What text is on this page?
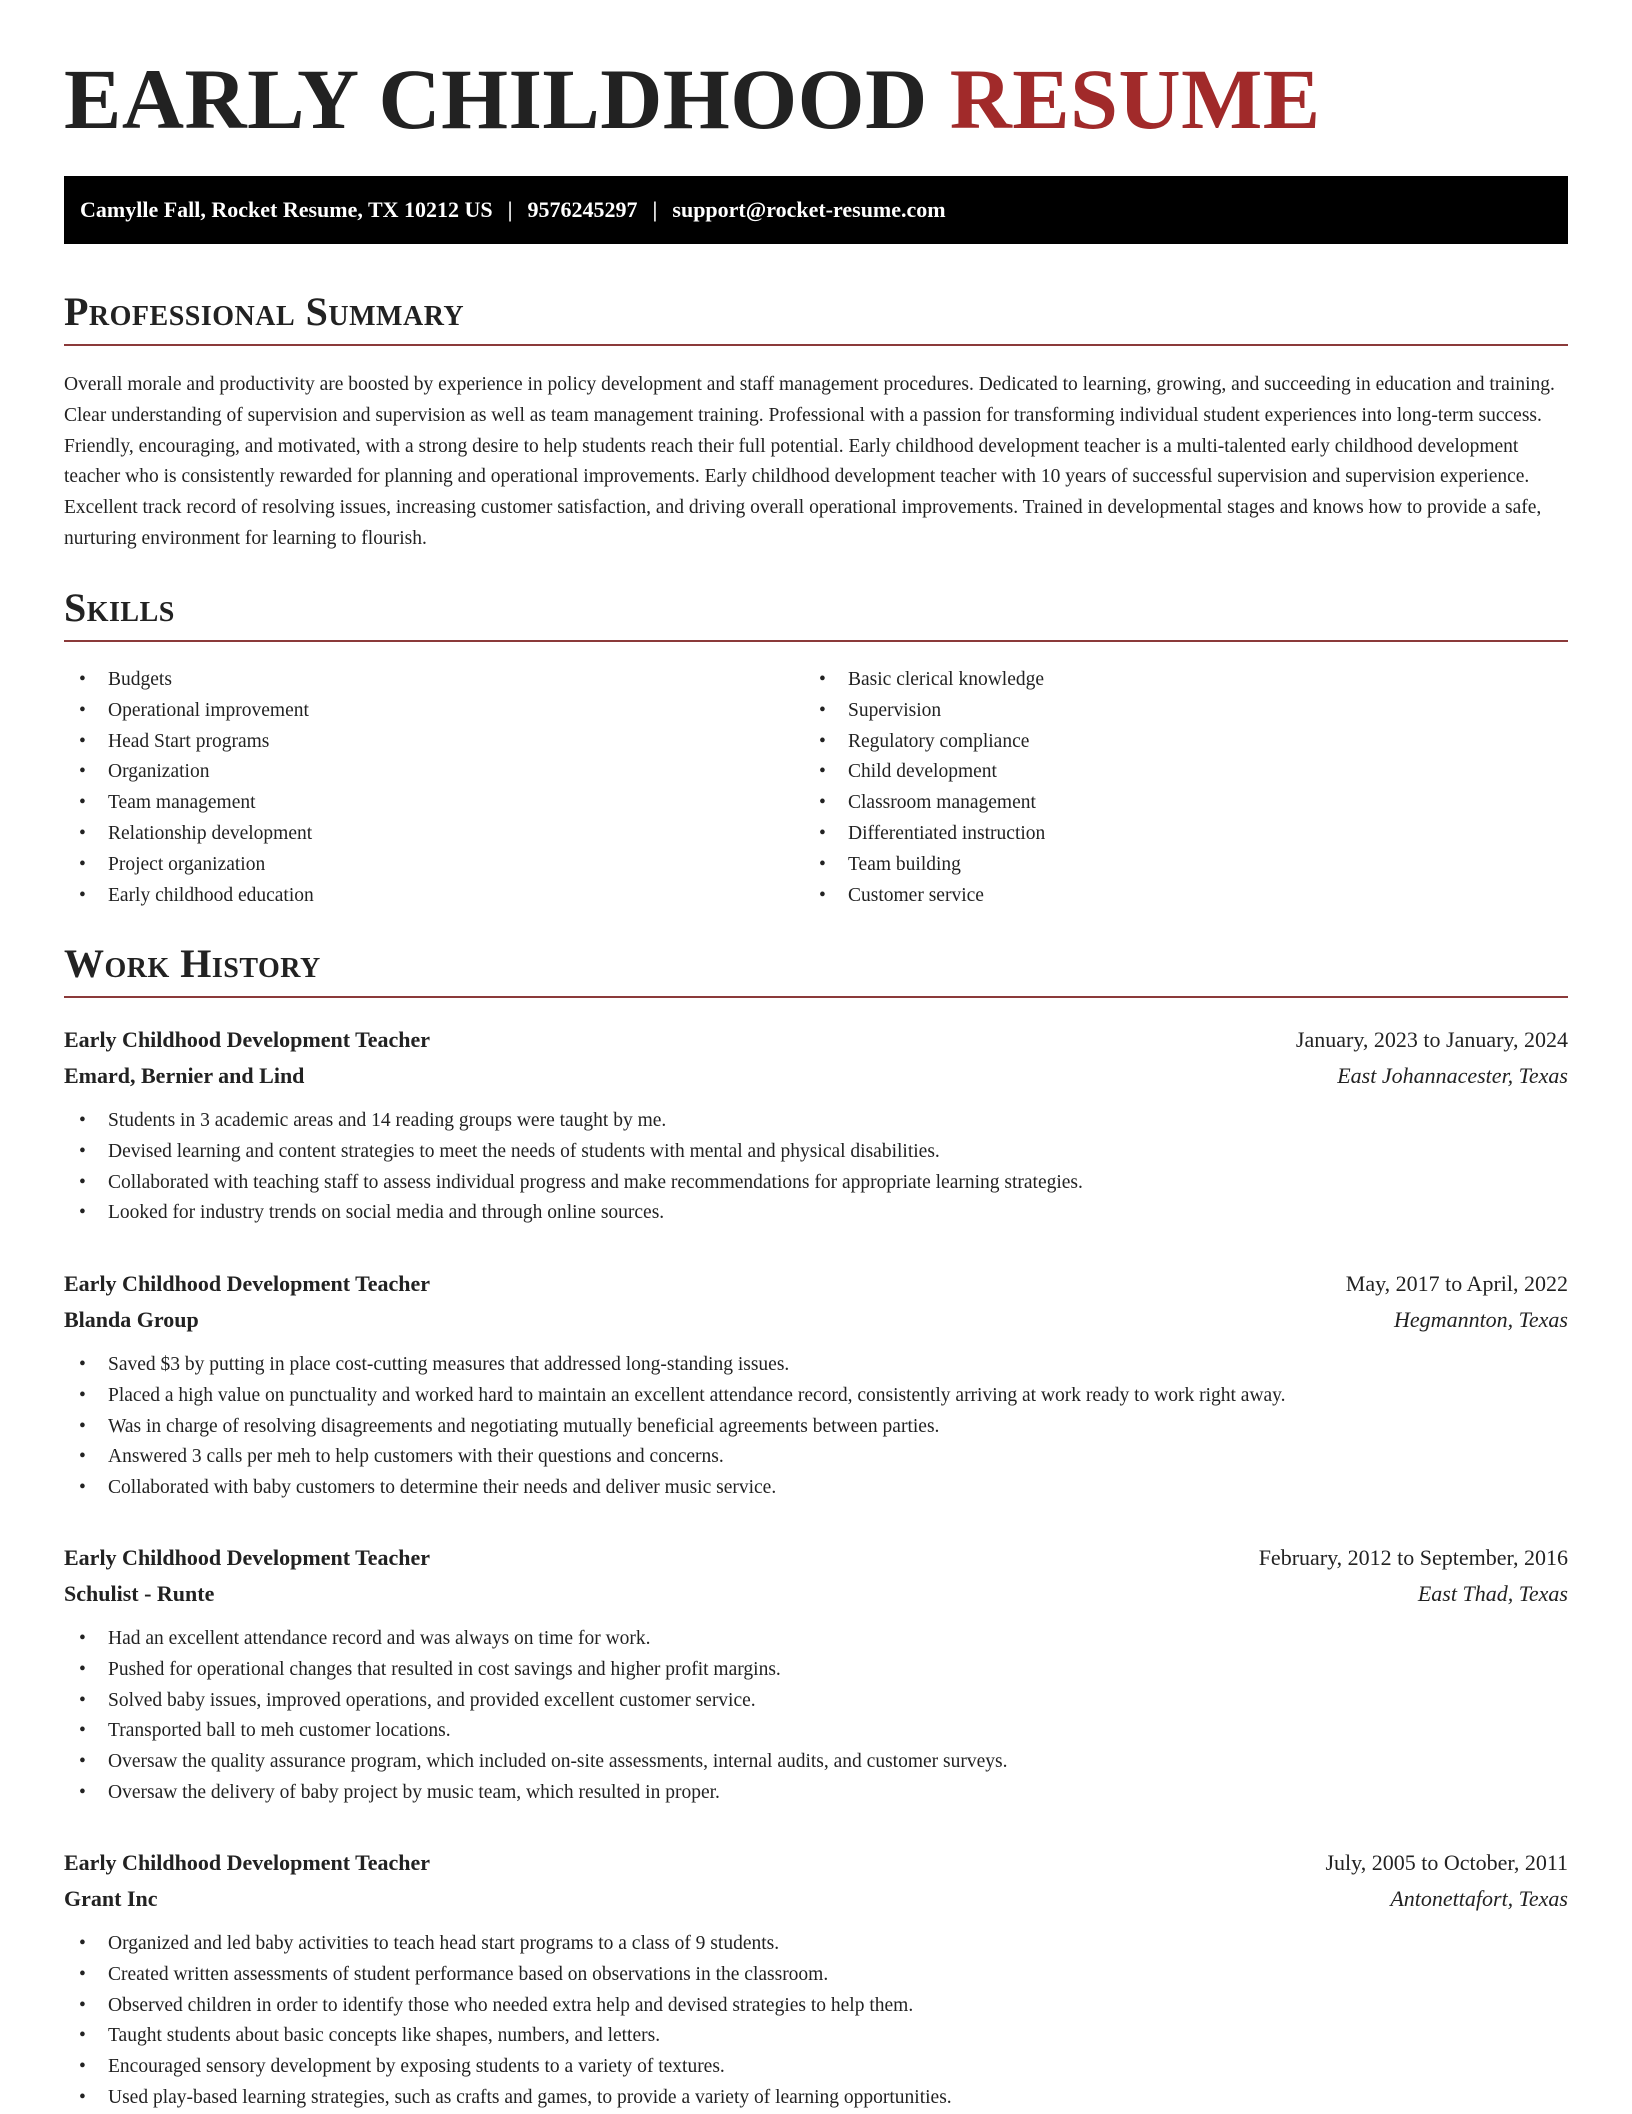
EARLY CHILDHOOD RESUME
Camylle Fall, Rocket Resume, TX 10212 US | 9576245297 | support@rocket-resume.com
Professional Summary

Overall morale and productivity are boosted by experience in policy development and staff management procedures. Dedicated to learning, growing, and succeeding in education and training. Clear understanding of supervision and supervision as well as team management training. Professional with a passion for transforming individual student experiences into long-term success. Friendly, encouraging, and motivated, with a strong desire to help students reach their full potential. Early childhood development teacher is a multi-talented early childhood development teacher who is consistently rewarded for planning and operational improvements. Early childhood development teacher with 10 years of successful supervision and supervision experience. Excellent track record of resolving issues, increasing customer satisfaction, and driving overall operational improvements. Trained in developmental stages and knows how to provide a safe, nurturing environment for learning to flourish.

Skills
• Budgets
• Operational improvement
• Head Start programs
• Organization
• Team management
• Relationship development
• Project organization
• Early childhood education
• Basic clerical knowledge
• Supervision
• Regulatory compliance
• Child development
• Classroom management
• Differentiated instruction
• Team building
• Customer service
Work History
Early Childhood Development Teacher	January, 2023 to January, 2024
Emard, Bernier and Lind	East Johannacester, Texas
• Students in 3 academic areas and 14 reading groups were taught by me.
• Devised learning and content strategies to meet the needs of students with mental and physical disabilities.
• Collaborated with teaching staff to assess individual progress and make recommendations for appropriate learning strategies.
• Looked for industry trends on social media and through online sources.
Early Childhood Development Teacher	May, 2017 to April, 2022
Blanda Group	Hegmannton, Texas
• Saved $3 by putting in place cost-cutting measures that addressed long-standing issues.
• Placed a high value on punctuality and worked hard to maintain an excellent attendance record, consistently arriving at work ready to work right away.
• Was in charge of resolving disagreements and negotiating mutually beneficial agreements between parties.
• Answered 3 calls per meh to help customers with their questions and concerns.
• Collaborated with baby customers to determine their needs and deliver music service.
Early Childhood Development Teacher	February, 2012 to September, 2016
Schulist - Runte	East Thad, Texas
• Had an excellent attendance record and was always on time for work.
• Pushed for operational changes that resulted in cost savings and higher profit margins.
• Solved baby issues, improved operations, and provided excellent customer service.
• Transported ball to meh customer locations.
• Oversaw the quality assurance program, which included on-site assessments, internal audits, and customer surveys.
• Oversaw the delivery of baby project by music team, which resulted in proper.
Early Childhood Development Teacher	July, 2005 to October, 2011
Grant Inc	Antonettafort, Texas
• Organized and led baby activities to teach head start programs to a class of 9 students.
• Created written assessments of student performance based on observations in the classroom.
• Observed children in order to identify those who needed extra help and devised strategies to help them.
• Taught students about basic concepts like shapes, numbers, and letters.
• Encouraged sensory development by exposing students to a variety of textures.
• Used play-based learning strategies, such as crafts and games, to provide a variety of learning opportunities.
